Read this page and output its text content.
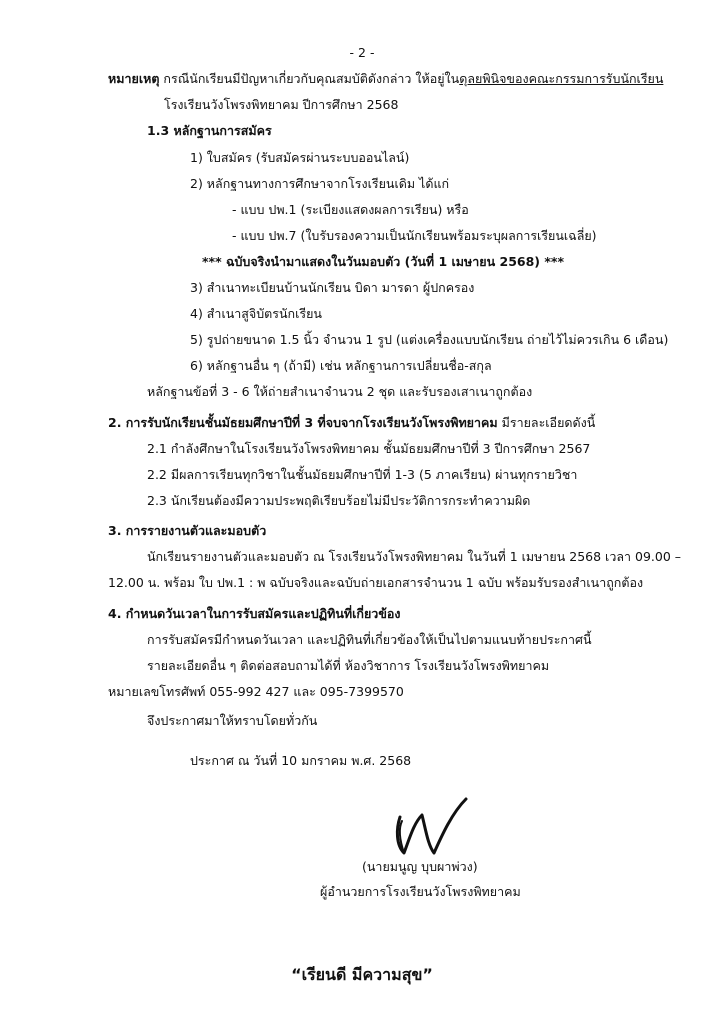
- 2 -
หมายเหตุ กรณีนักเรียนมีปัญหาเกี่ยวกับคุณสมบัติดังกล่าว ให้อยู่ในดุลยพินิจของคณะกรรมการรับนักเรียน
โรงเรียนวังโพรงพิทยาคม ปีการศึกษา 2568
1.3 หลักฐานการสมัคร
1) ใบสมัคร (รับสมัครผ่านระบบออนไลน์)
2) หลักฐานทางการศึกษาจากโรงเรียนเดิม ได้แก่
- แบบ ปพ.1 (ระเบียงแสดงผลการเรียน) หรือ
- แบบ ปพ.7 (ใบรับรองความเป็นนักเรียนพร้อมระบุผลการเรียนเฉลี่ย)
*** ฉบับจริงนำมาแสดงในวันมอบตัว (วันที่ 1 เมษายน 2568) ***
3) สำเนาทะเบียนบ้านนักเรียน บิดา มารดา ผู้ปกครอง
4) สำเนาสูจิบัตรนักเรียน
5) รูปถ่ายขนาด 1.5 นิ้ว จำนวน 1 รูป (แต่งเครื่องแบบนักเรียน ถ่ายไว้ไม่ควรเกิน 6 เดือน)
6) หลักฐานอื่น ๆ (ถ้ามี) เช่น หลักฐานการเปลี่ยนชื่อ-สกุล
หลักฐานข้อที่ 3 - 6 ให้ถ่ายสำเนาจำนวน 2 ชุด และรับรองเสาเนาถูกต้อง
2. การรับนักเรียนชั้นมัธยมศึกษาปีที่ 3 ที่จบจากโรงเรียนวังโพรงพิทยาคม มีรายละเอียดดังนี้
2.1 กำลังศึกษาในโรงเรียนวังโพรงพิทยาคม ชั้นมัธยมศึกษาปีที่ 3 ปีการศึกษา 2567
2.2 มีผลการเรียนทุกวิชาในชั้นมัธยมศึกษาปีที่ 1-3 (5 ภาคเรียน) ผ่านทุกรายวิชา
2.3 นักเรียนต้องมีความประพฤติเรียบร้อยไม่มีประวัติการกระทำความผิด
3. การรายงานตัวและมอบตัว
นักเรียนรายงานตัวและมอบตัว ณ โรงเรียนวังโพรงพิทยาคม ในวันที่ 1 เมษายน 2568 เวลา 09.00 –
12.00 น. พร้อม ใบ ปพ.1 : พ ฉบับจริงและฉบับถ่ายเอกสารจำนวน 1 ฉบับ พร้อมรับรองสำเนาถูกต้อง
4. กำหนดวันเวลาในการรับสมัครและปฏิทินที่เกี่ยวข้อง
การรับสมัครมีกำหนดวันเวลา และปฏิทินที่เกี่ยวข้องให้เป็นไปตามแนบท้ายประกาศนี้
รายละเอียดอื่น ๆ ติดต่อสอบถามได้ที่ ห้องวิชาการ โรงเรียนวังโพรงพิทยาคม
หมายเลขโทรศัพท์ 055-992 427 และ 095-7399570
จึงประกาศมาให้ทราบโดยทั่วกัน
ประกาศ ณ วันที่ 10 มกราคม พ.ศ. 2568
(นายมนูญ บุบผาพ่วง)
ผู้อำนวยการโรงเรียนวังโพรงพิทยาคม
“เรียนดี มีความสุข”
